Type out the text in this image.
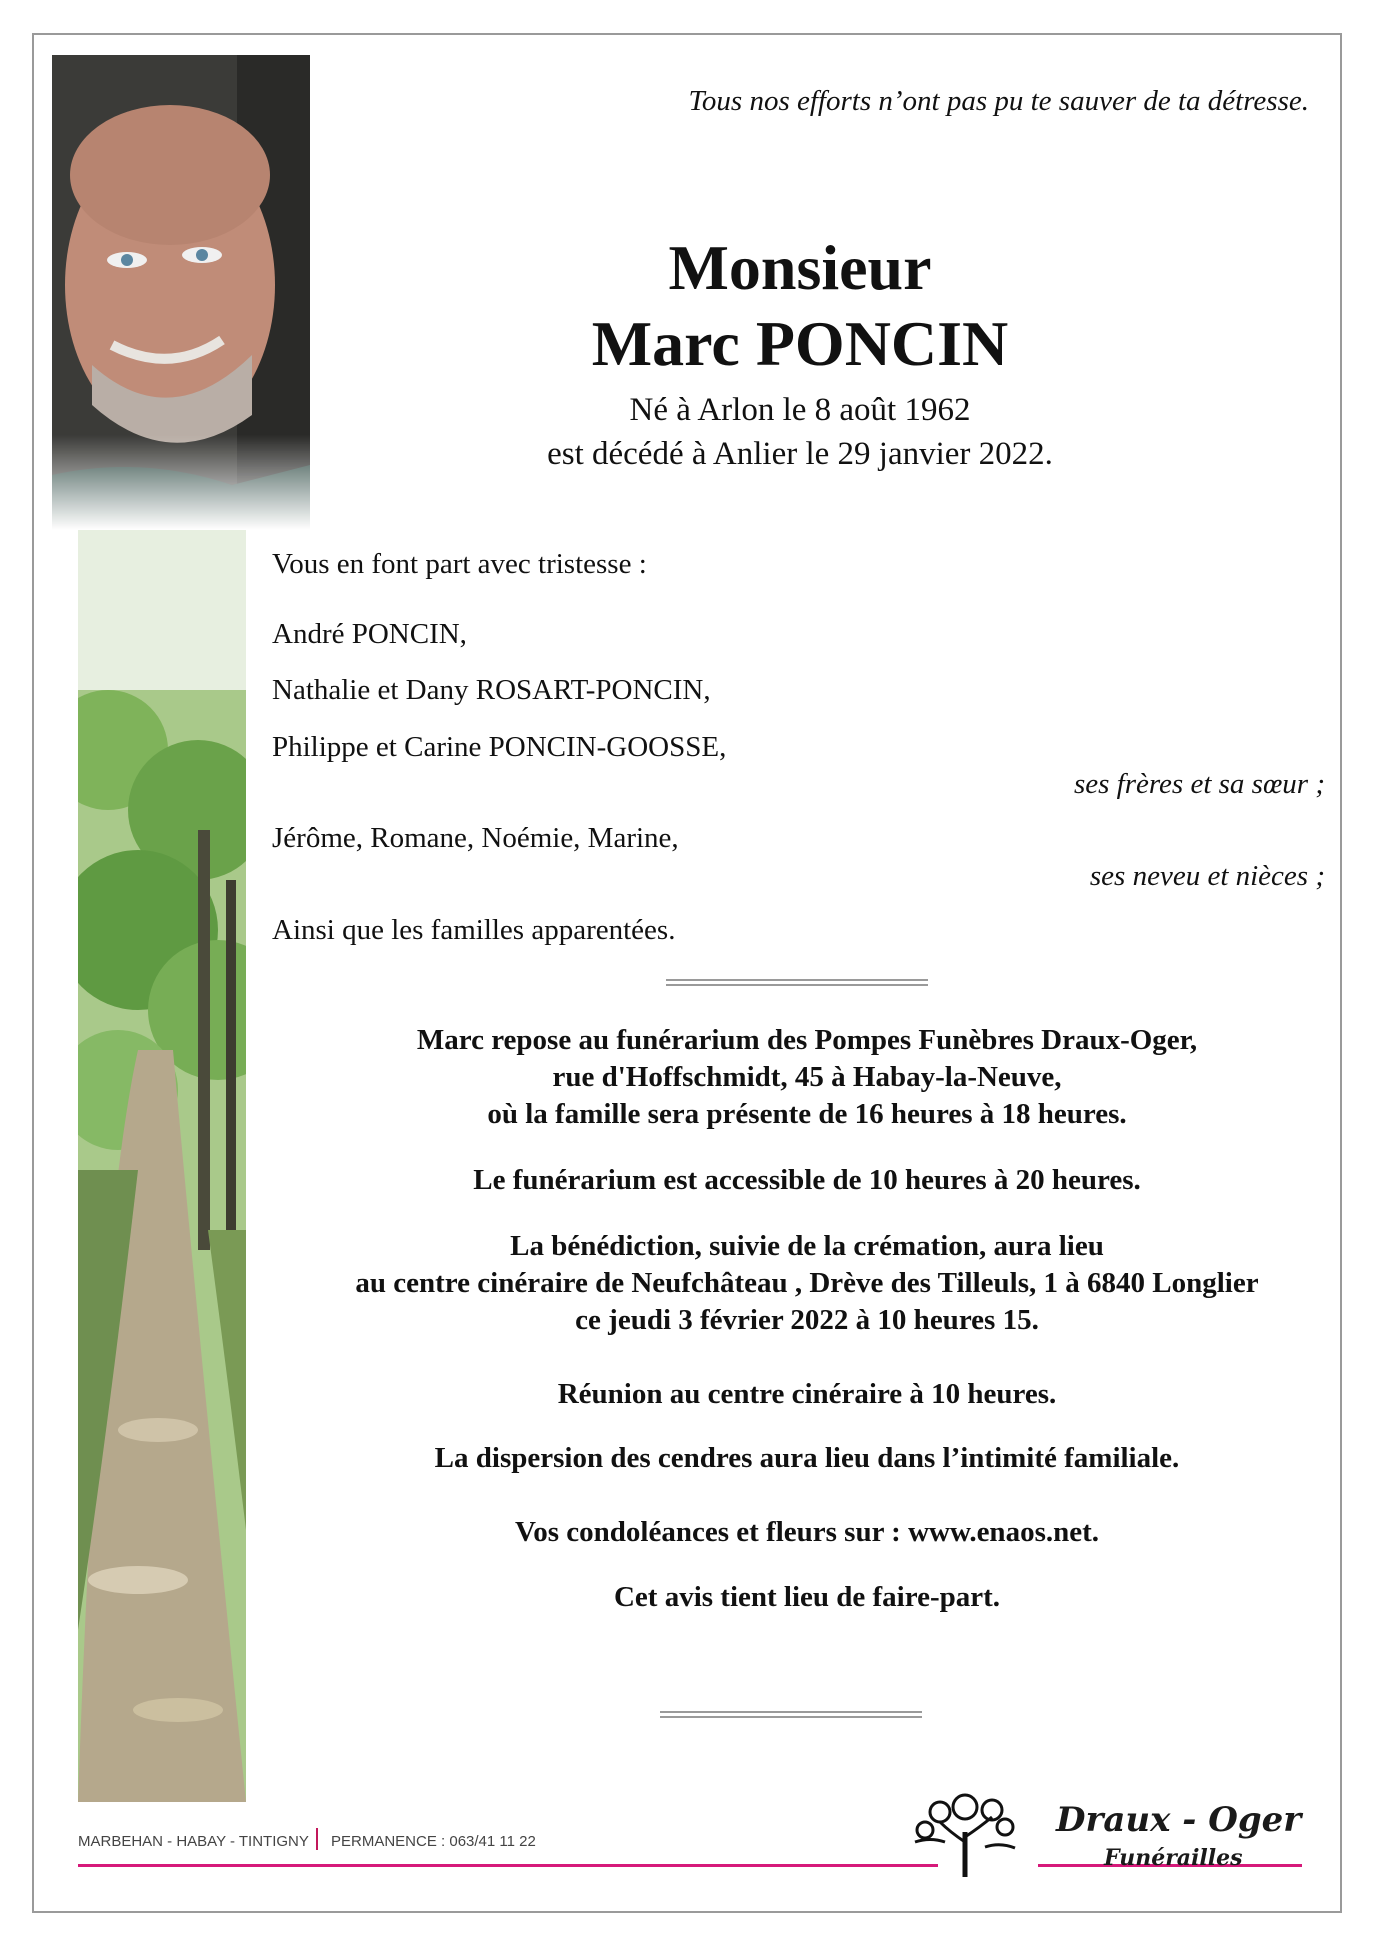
Tous nos efforts n’ont pas pu te sauver de ta détresse.
Monsieur
Marc PONCIN
Né à Arlon le 8 août 1962
est décédé à Anlier le 29 janvier 2022.
Vous en font part avec tristesse :
André PONCIN,
Nathalie et Dany ROSART-PONCIN,
Philippe et Carine PONCIN-GOOSSE,
ses frères et sa sœur ;
Jérôme, Romane, Noémie, Marine,
ses neveu et nièces ;
Ainsi que les familles apparentées.
Marc repose au funérarium des Pompes Funèbres Draux-Oger,
rue d'Hoffschmidt, 45 à Habay-la-Neuve,
où la famille sera présente de 16 heures à 18 heures.
Le funérarium est accessible de 10 heures à 20 heures.
La bénédiction, suivie de la crémation, aura lieu
au centre cinéraire de Neufchâteau , Drève des Tilleuls, 1 à 6840 Longlier
ce jeudi 3 février 2022 à 10 heures 15.
Réunion au centre cinéraire à 10 heures.
La dispersion des cendres aura lieu dans l’intimité familiale.
Vos condoléances et fleurs sur : www.enaos.net.
Cet avis tient lieu de faire-part.
MARBEHAN - HABAY - TINTIGNY PERMANENCE : 063/41 11 22
Draux - Oger
Funérailles
